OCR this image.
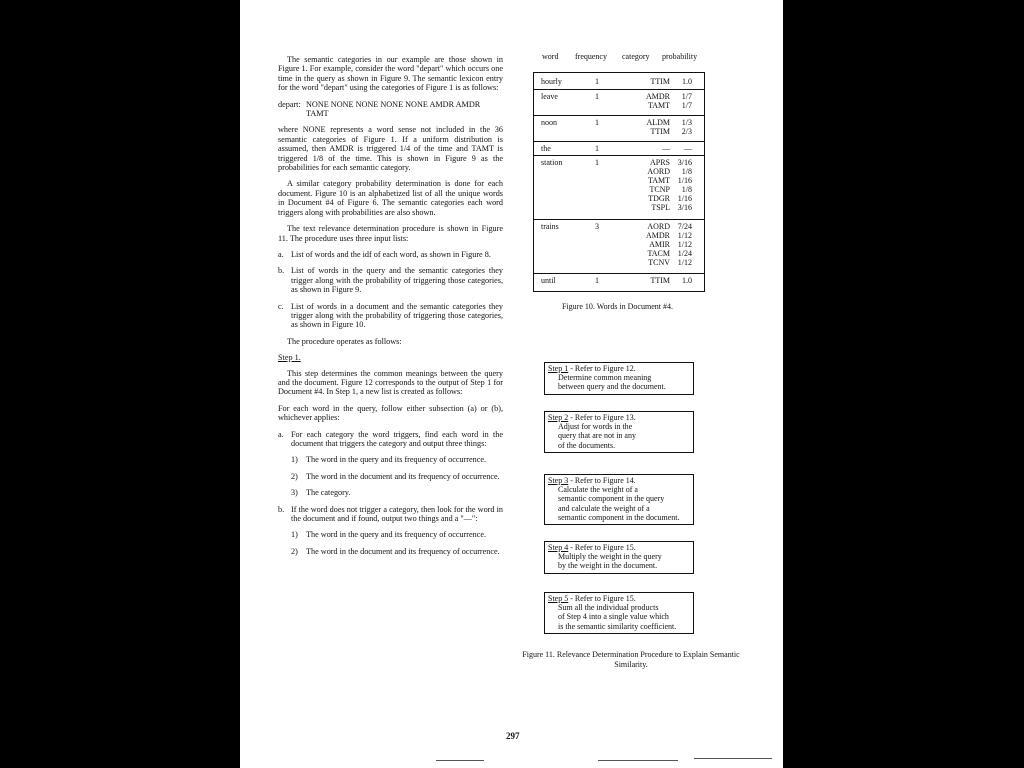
The semantic categories in our example are those shown in Figure 1. For example, consider the word "depart" which occurs one time in the query as shown in Figure 9. The semantic lexicon entry for the word "depart" using the categories of Figure 1 is as follows:

depart: NONE NONE NONE NONE NONE AMDR AMDR TAMT

where NONE represents a word sense not included in the 36 semantic categories of Figure 1. If a uniform distribution is assumed, then AMDR is triggered 1/4 of the time and TAMT is triggered 1/8 of the time. This is shown in Figure 9 as the probabilities for each semantic category.

A similar category probability determination is done for each document. Figure 10 is an alphabetized list of all the unique words in Document #4 of Figure 6. The semantic categories each word triggers along with probabilities are also shown.

The text relevance determination procedure is shown in Figure 11. The procedure uses three input lists:

a. List of words and the idf of each word, as shown in Figure 8.
b. List of words in the query and the semantic categories they trigger along with the probability of triggering those categories, as shown in Figure 9.
c. List of words in a document and the semantic categories they trigger along with the probability of triggering those categories, as shown in Figure 10.

The procedure operates as follows:

Step 1.

This step determines the common meanings between the query and the document. Figure 12 corresponds to the output of Step 1 for Document #4. In Step 1, a new list is created as follows:

For each word in the query, follow either subsection (a) or (b), whichever applies:

a. For each category the word triggers, find each word in the document that triggers the category and output three things:
1) The word in the query and its frequency of occurrence.
2) The word in the document and its frequency of occurrence.
3) The category.
b. If the word does not trigger a category, then look for the word in the document and if found, output two things and a "—":
1) The word in the query and its frequency of occurrence.
2) The word in the document and its frequency of occurrence.
word frequency category probability
hourly	1	TTIM	1.0
leave	1	AMDR	1/7
TAMT	1/7
noon	1	ALDM	1/3
TTIM	2/3
the	1	—	—
station	1	APRS 3/16
AORD	1/8
TAMT 1/16
TCNP	1/8
TDGR 1/16
TSPL 3/16
trains	3	AORD 7/24
AMDR 1/12
AMIR 1/12
TACM 1/24
TCNV 1/12
until	1	TTIM	1.0
Figure 10. Words in Document #4.
Step 1 - Refer to Figure 12.
Determine common meaning
between query and the document.
Step 2 - Refer to Figure 13.
Adjust for words in the
query that are not in any
of the documents.
Step 3 - Refer to Figure 14.
Calculate the weight of a
semantic component in the query
and calculate the weight of a
semantic component in the document.
Step 4 - Refer to Figure 15.
Multiply the weight in the query
by the weight in the document.
Step 5 - Refer to Figure 15.
Sum all the individual products
of Step 4 into a single value which
is the semantic similarity coefficient.
Figure 11. Relevance Determination Procedure to Explain Semantic Similarity.
297
